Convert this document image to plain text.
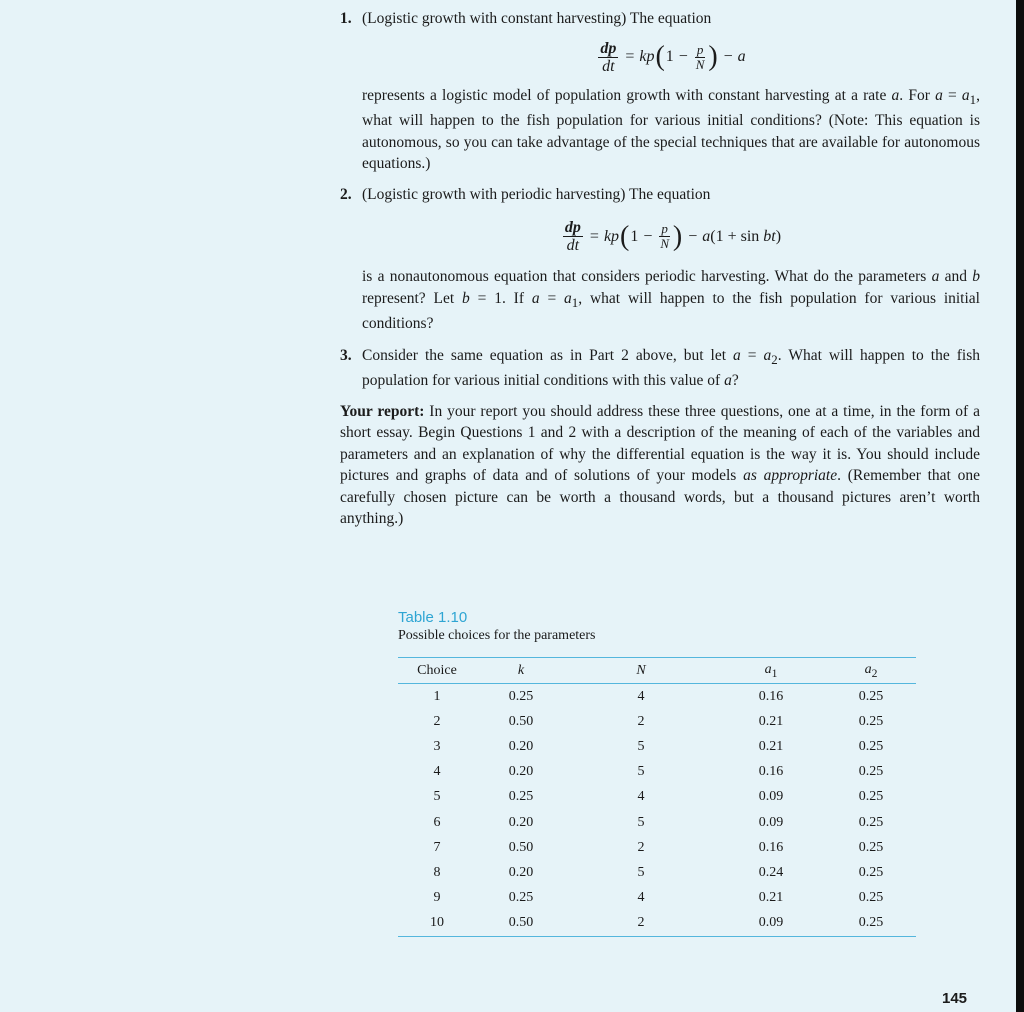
1. (Logistic growth with constant harvesting) The equation

$\frac{dp}{dt}$ = kp ( $1 - \frac{p}{N}$ ) − a

represents a logistic model of population growth with constant harvesting at a rate a. For $a = a_1$, what will happen to the fish population for various initial conditions? (Note: This equation is autonomous, so you can take advantage of the special techniques that are available for autonomous equations.)

2. (Logistic growth with periodic harvesting) The equation

$\frac{dp}{dt}$ = kp ( $1 - \frac{p}{N}$ ) − a (1 + sin bt )

is a nonautonomous equation that considers periodic harvesting. What do the parameters a and b represent? Let b = 1. If $a = a_1$, what will happen to the fish population for various initial conditions?

3. Consider the same equation as in Part 2 above, but let $a = a_2$. What will happen to the fish population for various initial conditions with this value of a?

Your report: In your report you should address these three questions, one at a time, in the form of a short essay. Begin Questions 1 and 2 with a description of the meaning of each of the variables and parameters and an explanation of why the differential equation is the way it is. You should include pictures and graphs of data and of solutions of your models as appropriate. (Remember that one carefully chosen picture can be worth a thousand words, but a thousand pictures aren’t worth anything.)

Table 1.10
Possible choices for the parameters
Choice	k	N	$a_1$	$a_2$
1	0.25	4	0.16	0.25
2	0.50	2	0.21	0.25
3	0.20	5	0.21	0.25
4	0.20	5	0.16	0.25
5	0.25	4	0.09	0.25
6	0.20	5	0.09	0.25
7	0.50	2	0.16	0.25
8	0.20	5	0.24	0.25
9	0.25	4	0.21	0.25
10	0.50	2	0.09	0.25
145
